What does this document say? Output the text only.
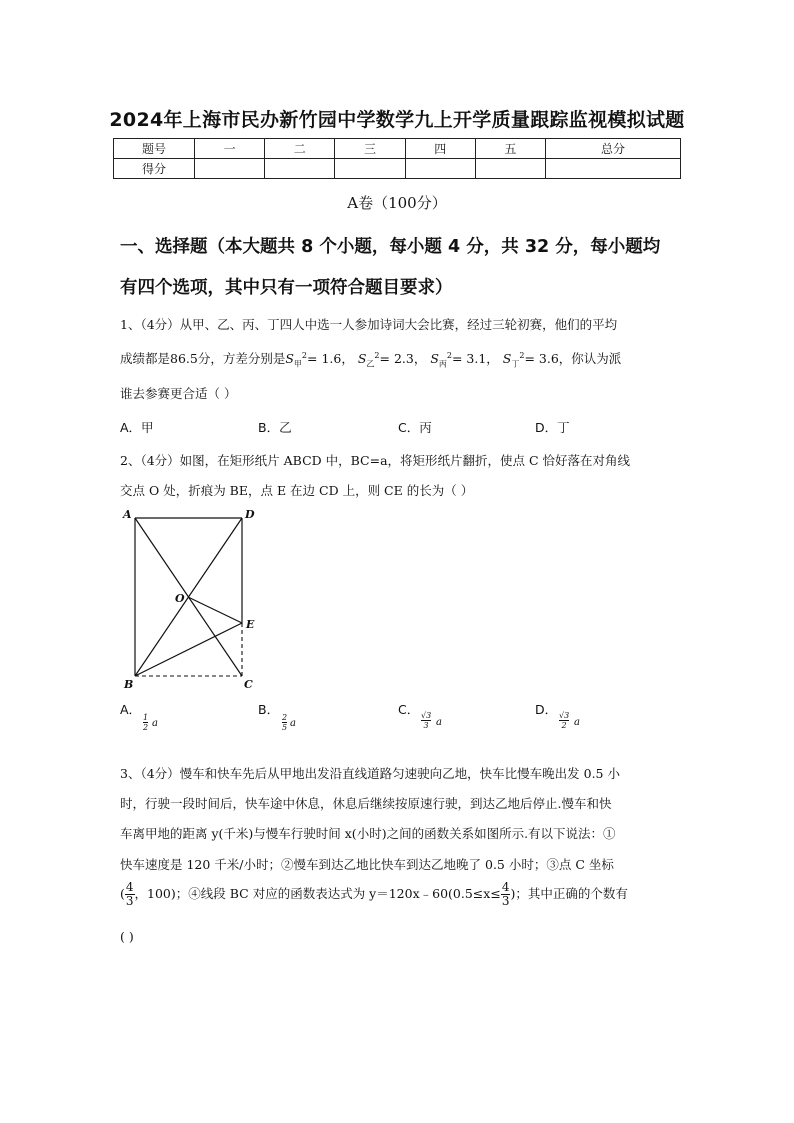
2024年上海市民办新竹园中学数学九上开学质量跟踪监视模拟试题
题号	一	二	三	四	五	总分
得分						
A卷（100分）
一、选择题（本大题共 8 个小题，每小题 4 分，共 32 分，每小题均
有四个选项，其中只有一项符合题目要求）
1、（4分）从甲、乙、丙、丁四人中选一人参加诗词大会比赛，经过三轮初赛，他们的平均
成绩都是86.5分，方差分别是$S_甲^2= 1.6$， $S_乙^2= 2.3$， $S_丙^2= 3.1$， $S_丁^2= 3.6$，你认为派
谁去参赛更合适（ ）
A．甲	B．乙	C．丙	D．丁
2、（4分）如图，在矩形纸片 ABCD 中，BC=a，将矩形纸片翻折，使点 C 恰好落在对角线
交点 O 处，折痕为 BE，点 E 在边 CD 上，则 CE 的长为（ ）
A	D
O
E
B	C
A．	B．	C．	D．
$\frac{1}{2}$ a	$\frac{2}{5}$ a	$\frac{√3}{3}$ a	$\frac{√3}{2}$ a
3、（4分）慢车和快车先后从甲地出发沿直线道路匀速驶向乙地，快车比慢车晚出发 0.5 小
时，行驶一段时间后，快车途中休息，休息后继续按原速行驶，到达乙地后停止.慢车和快
车离甲地的距离 y(千米)与慢车行驶时间 x(小时)之间的函数关系如图所示.有以下说法：①
快车速度是 120 千米/小时；②慢车到达乙地比快车到达乙地晚了 0.5 小时；③点 C 坐标
( $\frac{4}{3}$ ，100)；④线段 BC 对应的函数表达式为 y＝120x﹣60(0.5≤x≤ $\frac{4}{3}$ )；其中正确的个数有
( )
